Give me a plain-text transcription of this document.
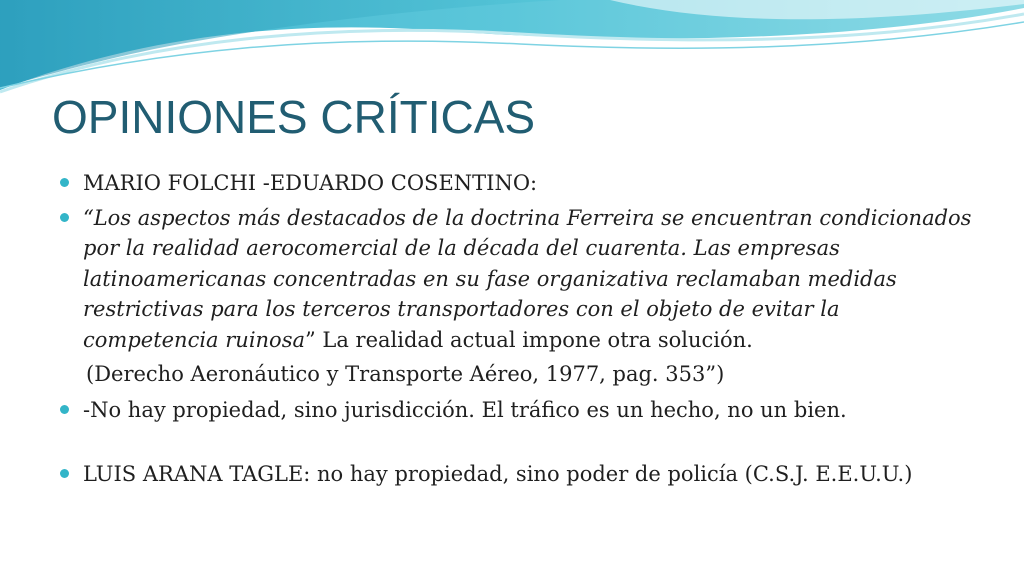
OPINIONES CRÍTICAS

MARIO FOLCHI -EDUARDO COSENTINO:

“Los aspectos más destacados de la doctrina Ferreira se encuentran condicionados por la realidad aerocomercial de la década del cuarenta. Las empresas latinoamericanas concentradas en su fase organizativa reclamaban medidas restrictivas para los terceros transportadores con el objeto de evitar la competencia ruinosa” La realidad actual impone otra solución.

(Derecho Aeronáutico y Transporte Aéreo, 1977, pag. 353”)

-No hay propiedad, sino jurisdicción. El tráfico es un hecho, no un bien.

LUIS ARANA TAGLE: no hay propiedad, sino poder de policía (C.S.J. E.E.U.U.)
